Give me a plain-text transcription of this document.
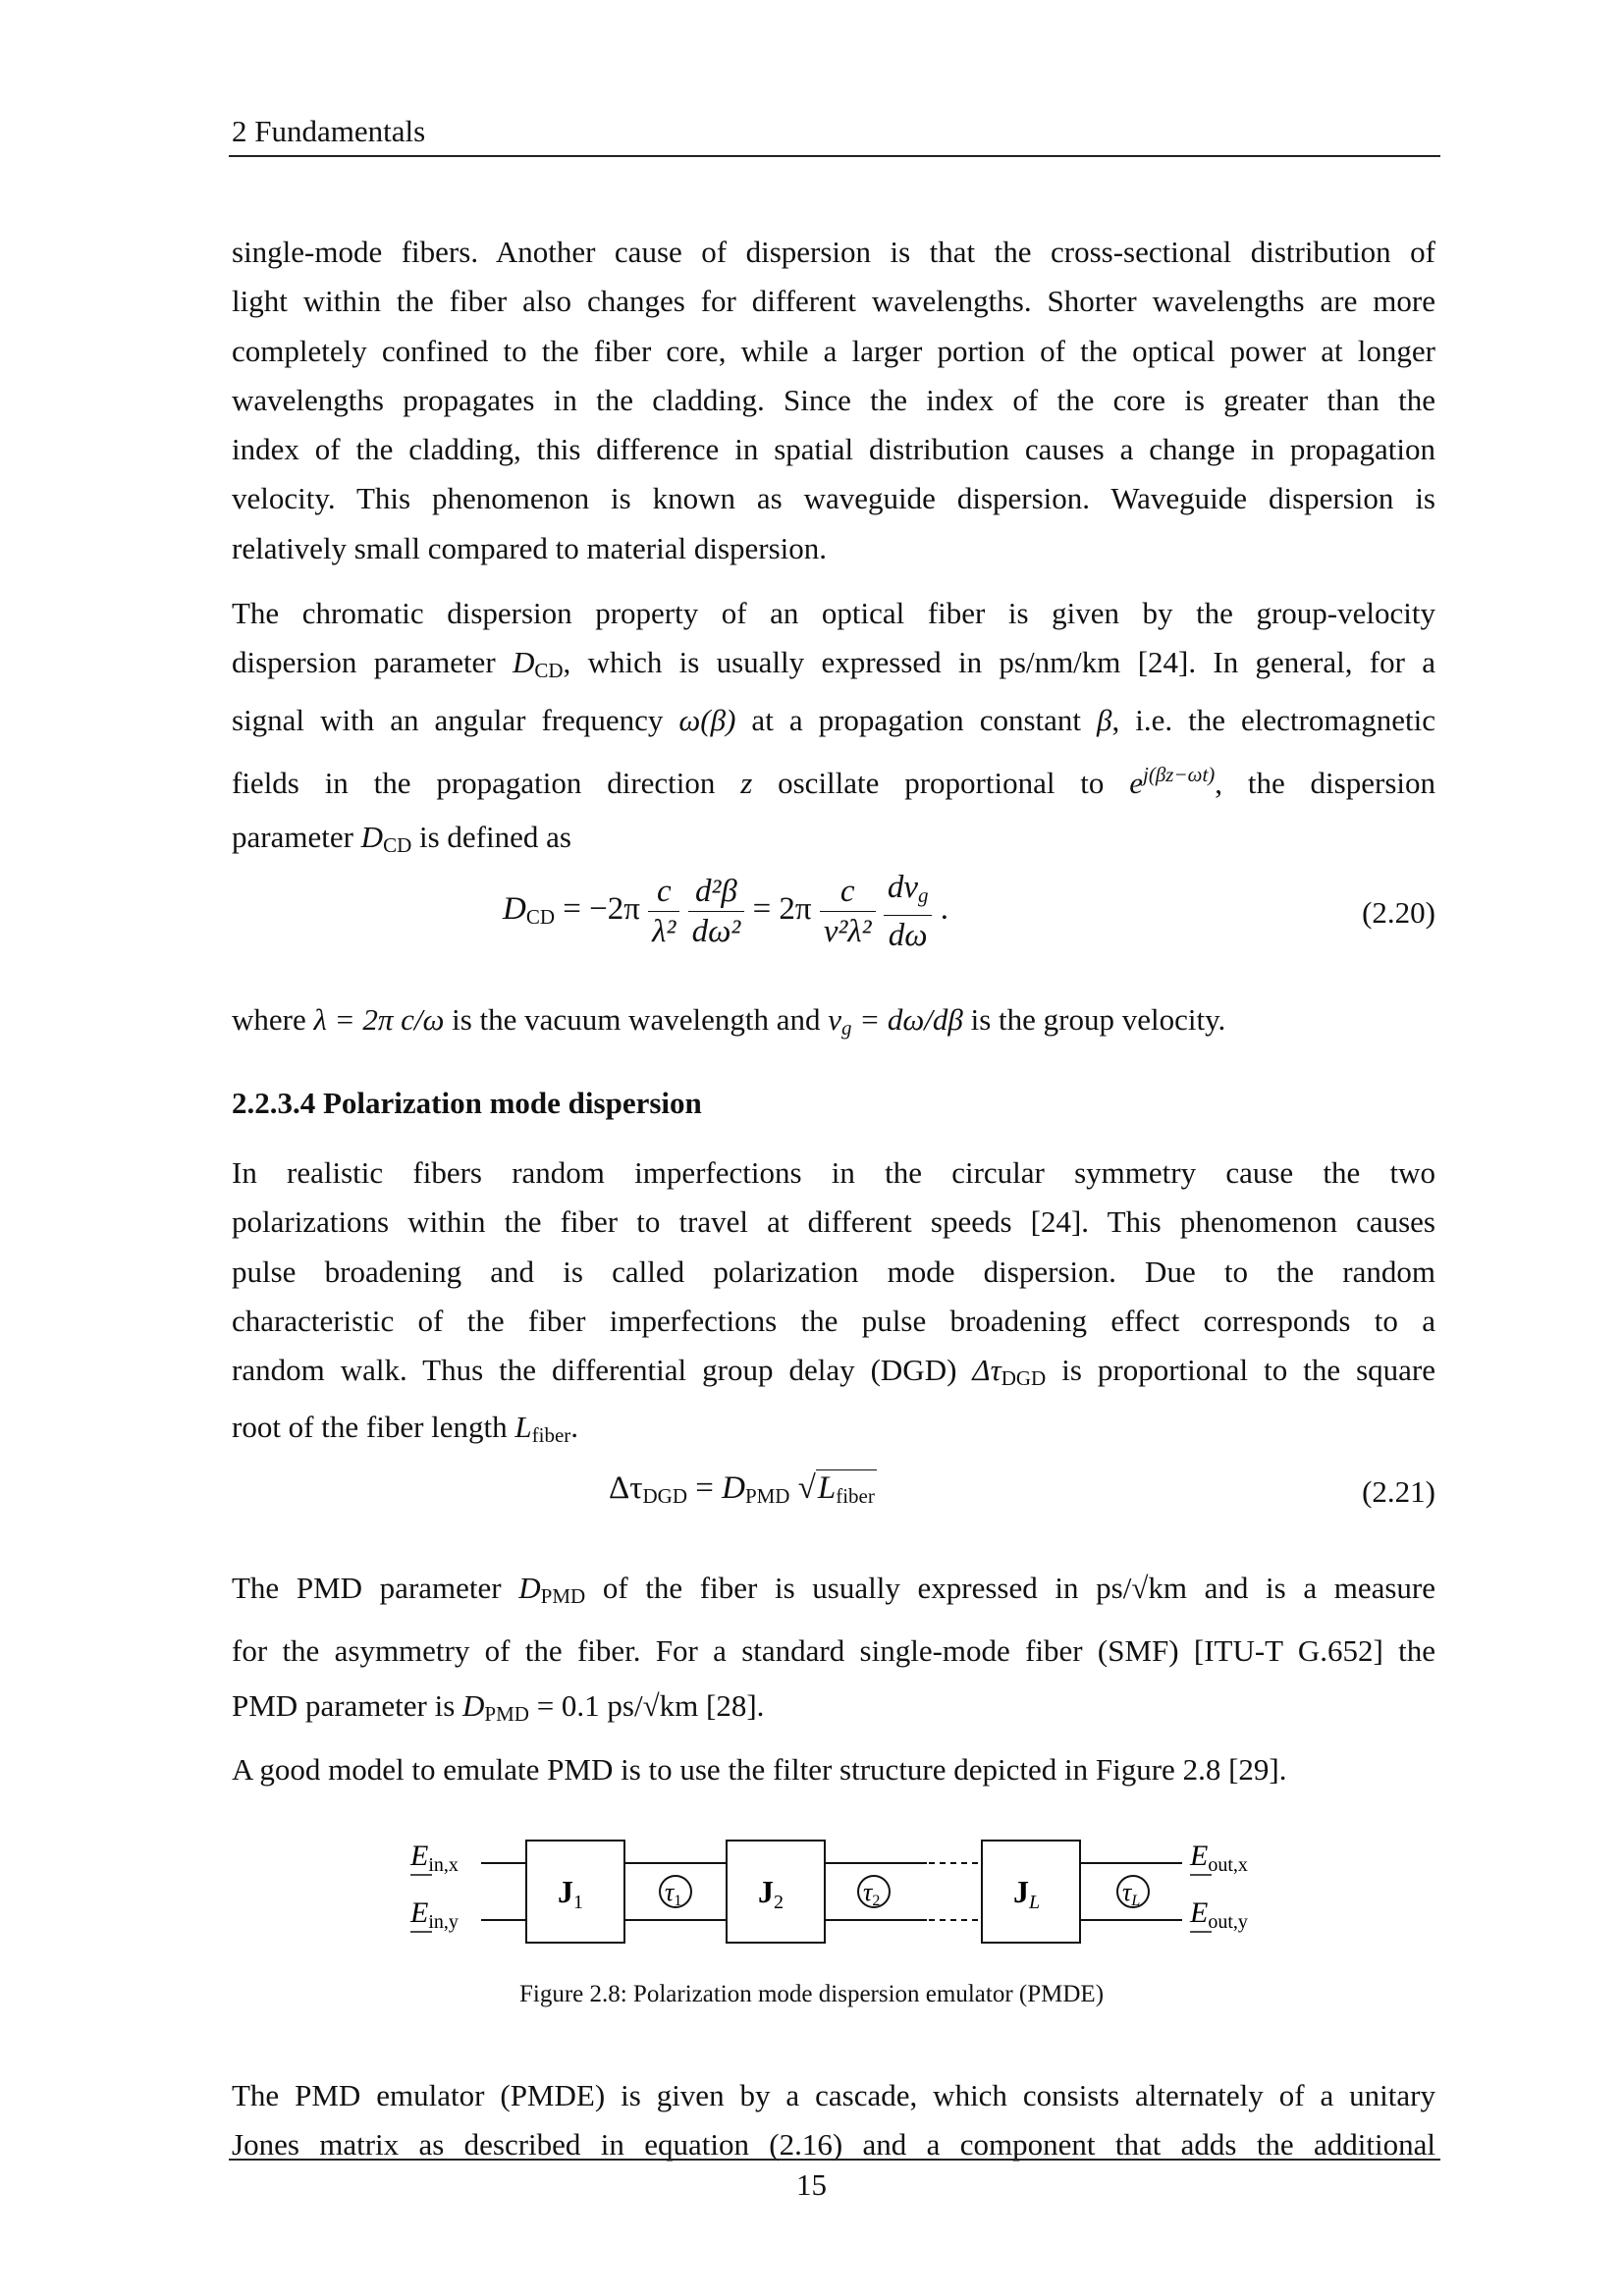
2 Fundamentals

single-mode fibers. Another cause of dispersion is that the cross-sectional distribution of
light within the fiber also changes for different wavelengths. Shorter wavelengths are more
completely confined to the fiber core, while a larger portion of the optical power at longer
wavelengths propagates in the cladding. Since the index of the core is greater than the
index of the cladding, this difference in spatial distribution causes a change in propagation
velocity. This phenomenon is known as waveguide dispersion. Waveguide dispersion is
relatively small compared to material dispersion.

The chromatic dispersion property of an optical fiber is given by the group-velocity
dispersion parameter $D_{CD}$, which is usually expressed in ps/nm/km [24]. In general, for a
signal with an angular frequency ω(β) at a propagation constant β, i.e. the electromagnetic
fields in the propagation direction z oscillate proportional to $e^{j(\beta z-\omega t)}$, the dispersion
parameter $D_{CD}$ is defined as

$D_{CD} = -2\pi \frac{c}{\text{λ²}}$
$\frac{\text{d²β}}{\text{dω²}} = 2\pi \frac{c}{\text{v²λ²}}$
$\frac{\text{dvg}}{d\omega}$ .	(2.20)

where λ = 2π c/ω is the vacuum wavelength and vg = dω/dβ is the group velocity.

2.2.3.4 Polarization mode dispersion

In realistic fibers random imperfections in the circular symmetry cause the two
polarizations within the fiber to travel at different speeds [24]. This phenomenon causes
pulse broadening and is called polarization mode dispersion. Due to the random
characteristic of the fiber imperfections the pulse broadening effect corresponds to a
random walk. Thus the differential group delay (DGD) $\Delta\tau_{DGD}$ is proportional to the square
root of the fiber length $L_{fiber}$.

$\Delta\tau_{DGD} = D_{PMD}$ $√L_{fiber}$	(2.21)

The PMD parameter $D_{PMD}$ of the fiber is usually expressed in ps/√km and is a measure
for the asymmetry of the fiber. For a standard single-mode fiber (SMF) [ITU-T G.652] the
PMD parameter is $D_{PMD} = 0.1$ ps/√km [28].

A good model to emulate PMD is to use the filter structure depicted in Figure 2.8 [29].

$E_{in,x}$
$E_{in,y}$
$E_{out,x}$
$E_{out,y}$
J1	J2	JL
τ1	τ2	τL
Figure 2.8: Polarization mode dispersion emulator (PMDE)

The PMD emulator (PMDE) is given by a cascade, which consists alternately of a unitary
Jones matrix as described in equation (2.16) and a component that adds the additional

15
